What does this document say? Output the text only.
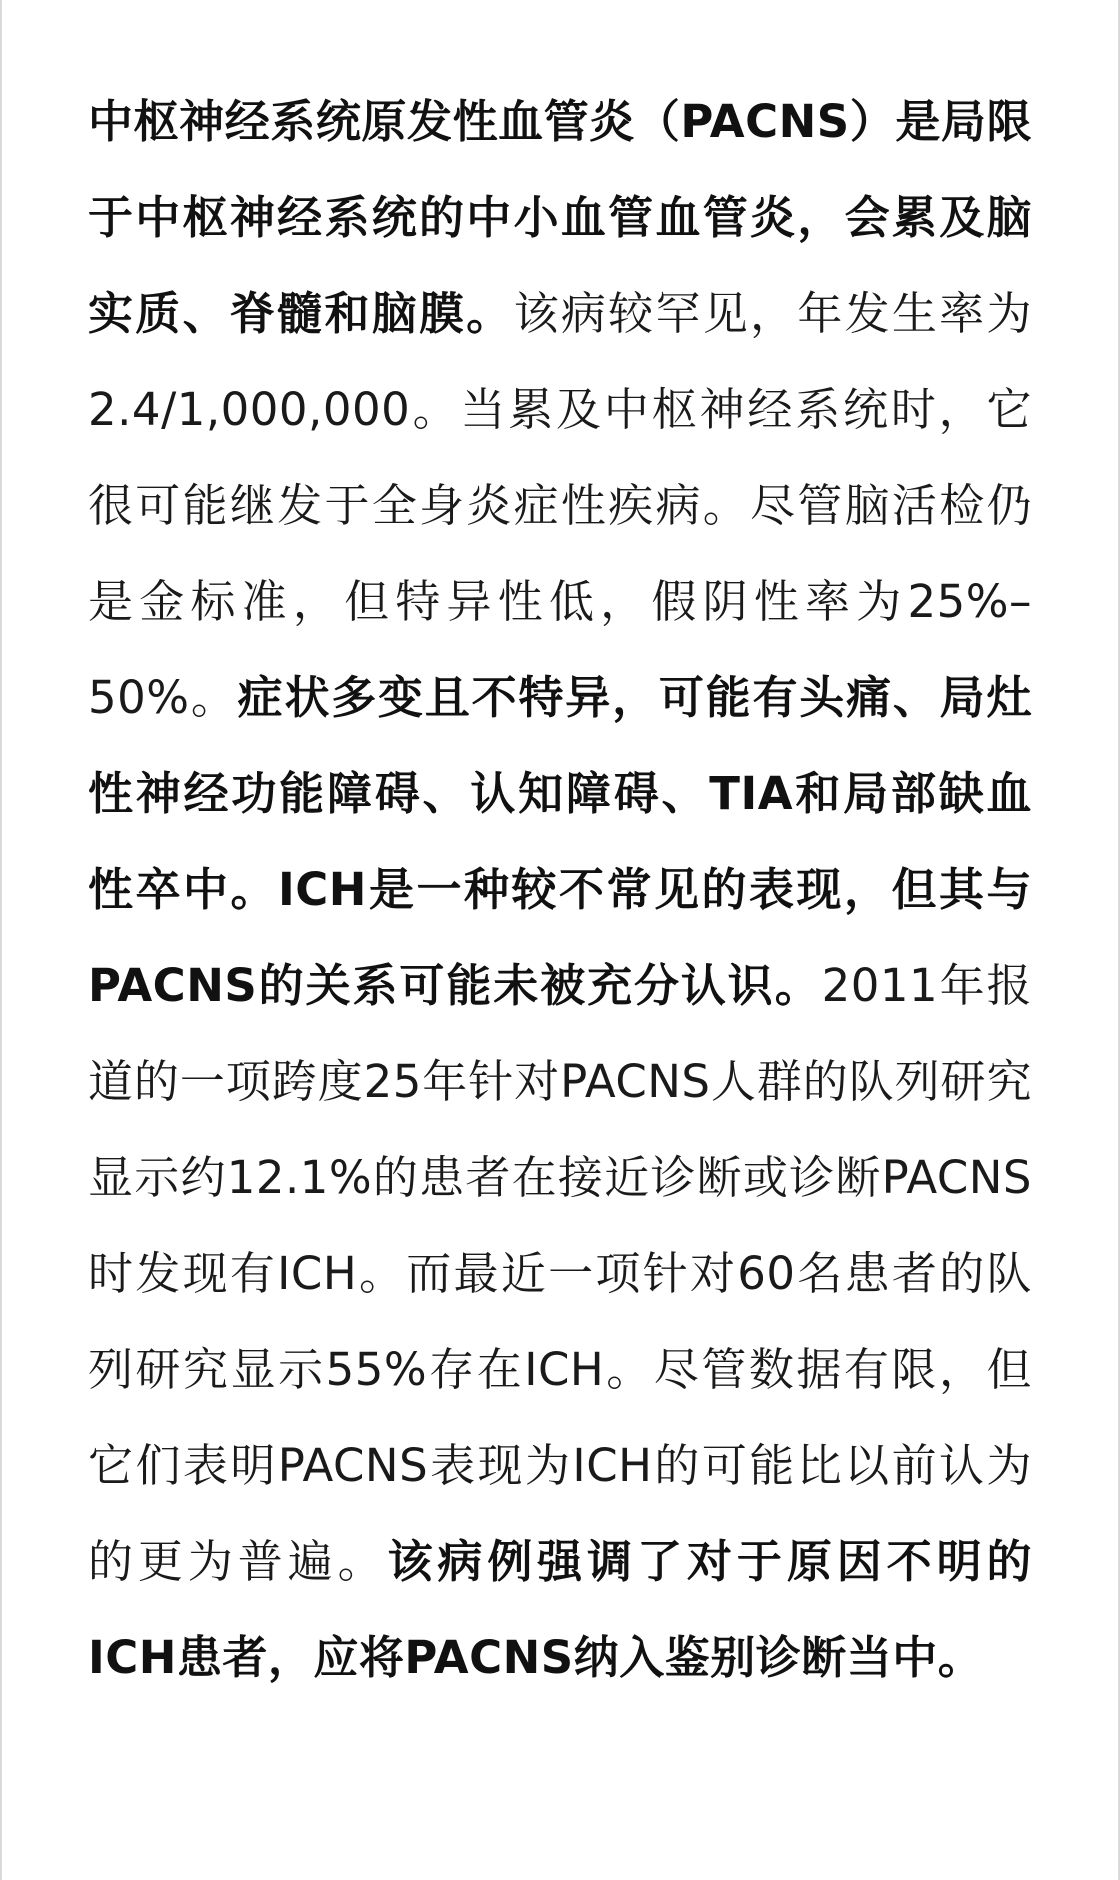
中枢神经系统原发性血管炎（PACNS）是局限于中枢神经系统的中小血管血管炎，会累及脑实质、脊髓和脑膜。该病较罕见，年发生率为2.4/1,000,000。当累及中枢神经系统时，它很可能继发于全身炎症性疾病。尽管脑活检仍是金标准，但特异性低，假阴性率为25%–50%。症状多变且不特异，可能有头痛、局灶性神经功能障碍、认知障碍、TIA和局部缺血性卒中。ICH是一种较不常见的表现，但其与PACNS的关系可能未被充分认识。2011年报道的一项跨度25年针对PACNS人群的队列研究显示约12.1%的患者在接近诊断或诊断PACNS时发现有ICH。而最近一项针对60名患者的队列研究显示55%存在ICH。尽管数据有限，但它们表明PACNS表现为ICH的可能比以前认为的更为普遍。该病例强调了对于原因不明的ICH患者，应将PACNS纳入鉴别诊断当中。
